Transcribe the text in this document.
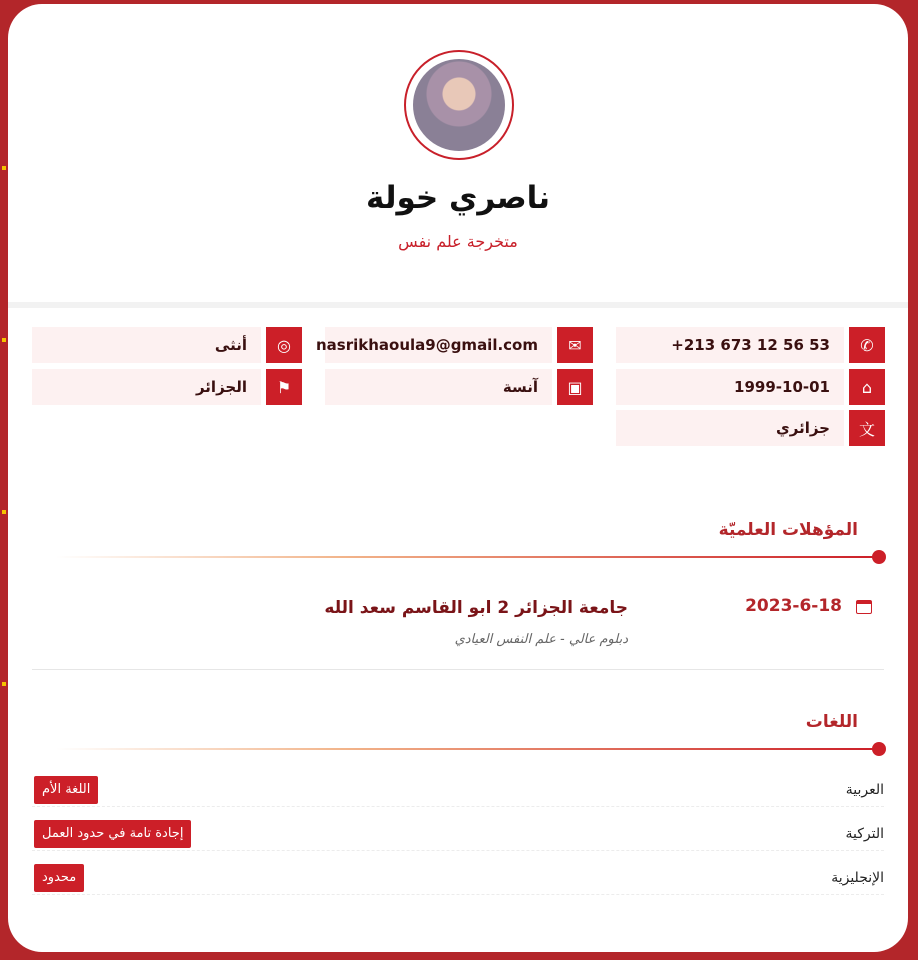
ناصري خولة
متخرجة علم نفس
✆
+213 673 12 56 53
⌂
1999-10-01
文
جزائري
✉
nasrikhaoula9@gmail.com
▣
آنسة
◎
أنثى
⚑
الجزائر
المؤهلات العلمیّة
جامعة الجزائر 2 ابو القاسم سعد الله
دبلوم عالي - علم النفس العيادي
2023-6-18
اللغات
العربية
اللغة الأم
التركية
إجادة تامة في حدود العمل
الإنجليزية
محدود
